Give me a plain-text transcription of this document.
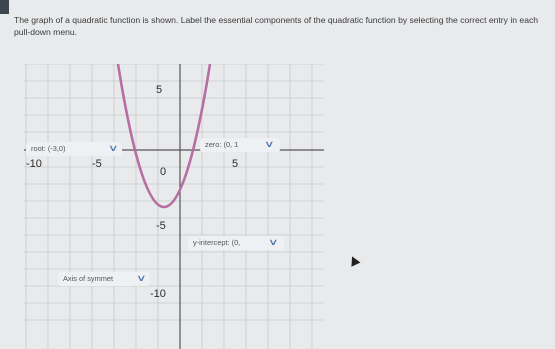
The graph of a quadratic function is shown. Label the essential components of the quadratic function by selecting the correct entry in each pull-down menu.
5
-10	-5
0
5
-5
-10
root: (-3,0)	∨	zero: (0, 1	∨
y-intercept: (0,	∨
Axis of symmet	∨
